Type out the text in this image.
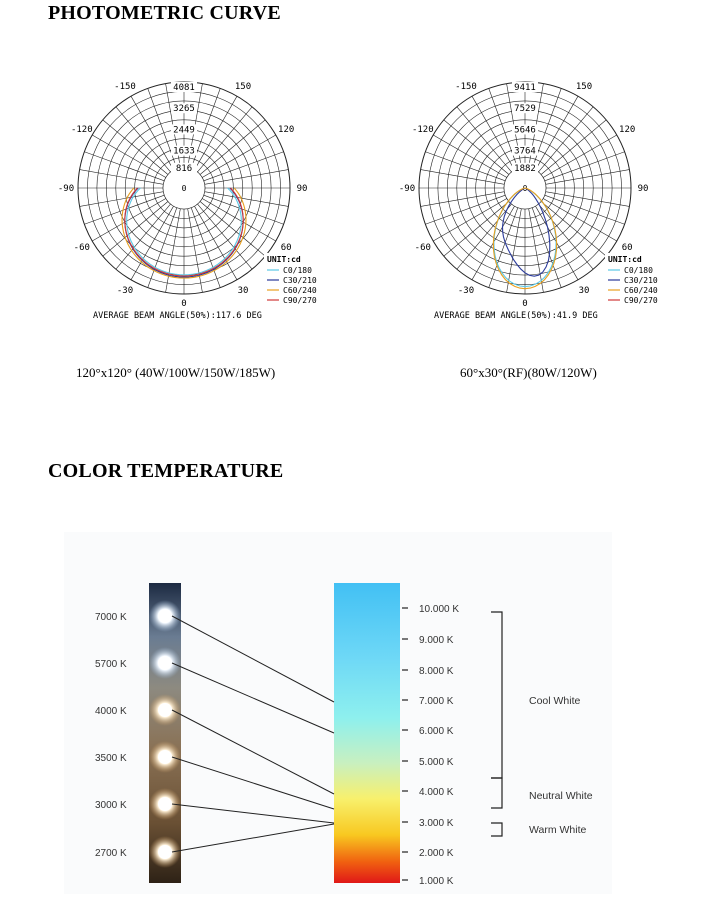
PHOTOMETRIC CURVE
4081
3265
2449
1633
816
-150	150
-120	120
-90	90
-60	60
-30	30
0
0
UNIT:cd
C0/180
C30/210
C60/240
C90/270
AVERAGE BEAM ANGLE(50%):117.6 DEG
9411
7529
5646
3764
1882
-150	150
-120	120
-90	90
-60	60
-30	30
0
0
UNIT:cd
C0/180
C30/210
C60/240
C90/270
AVERAGE BEAM ANGLE(50%):41.9 DEG
120°x120° (40W/100W/150W/185W)	60°x30°(RF)(80W/120W)
COLOR TEMPERATURE
7000 K
5700 K
4000 K
3500 K
3000 K
2700 K
10.000 K
9.000 K
8.000 K
7.000 K
6.000 K
5.000 K
4.000 K
3.000 K
2.000 K
1.000 K
Cool White
Neutral White
Warm White
